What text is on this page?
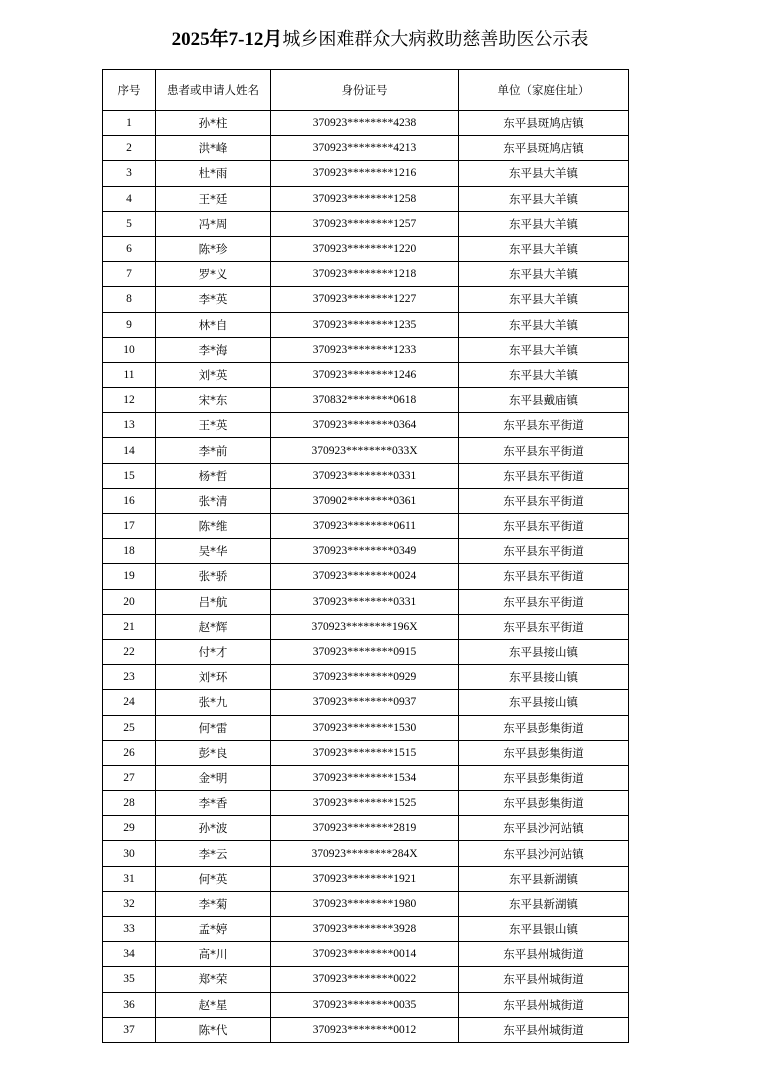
2025年7-12月城乡困难群众大病救助慈善助医公示表
序号	患者或申请人姓名	身份证号	单位（家庭住址）
1	孙*柱	370923********4238	东平县斑鸠店镇
2	洪*峰	370923********4213	东平县斑鸠店镇
3	杜*雨	370923********1216	东平县大羊镇
4	王*廷	370923********1258	东平县大羊镇
5	冯*周	370923********1257	东平县大羊镇
6	陈*珍	370923********1220	东平县大羊镇
7	罗*义	370923********1218	东平县大羊镇
8	李*英	370923********1227	东平县大羊镇
9	林*自	370923********1235	东平县大羊镇
10	李*海	370923********1233	东平县大羊镇
11	刘*英	370923********1246	东平县大羊镇
12	宋*东	370832********0618	东平县戴庙镇
13	王*英	370923********0364	东平县东平街道
14	李*前	370923********033X	东平县东平街道
15	杨*哲	370923********0331	东平县东平街道
16	张*清	370902********0361	东平县东平街道
17	陈*维	370923********0611	东平县东平街道
18	吴*华	370923********0349	东平县东平街道
19	张*骄	370923********0024	东平县东平街道
20	吕*航	370923********0331	东平县东平街道
21	赵*辉	370923********196X	东平县东平街道
22	付*才	370923********0915	东平县接山镇
23	刘*环	370923********0929	东平县接山镇
24	张*九	370923********0937	东平县接山镇
25	何*雷	370923********1530	东平县彭集街道
26	彭*良	370923********1515	东平县彭集街道
27	金*明	370923********1534	东平县彭集街道
28	李*香	370923********1525	东平县彭集街道
29	孙*波	370923********2819	东平县沙河站镇
30	李*云	370923********284X	东平县沙河站镇
31	何*英	370923********1921	东平县新湖镇
32	李*菊	370923********1980	东平县新湖镇
33	孟*婷	370923********3928	东平县银山镇
34	高*川	370923********0014	东平县州城街道
35	郑*荣	370923********0022	东平县州城街道
36	赵*星	370923********0035	东平县州城街道
37	陈*代	370923********0012	东平县州城街道
